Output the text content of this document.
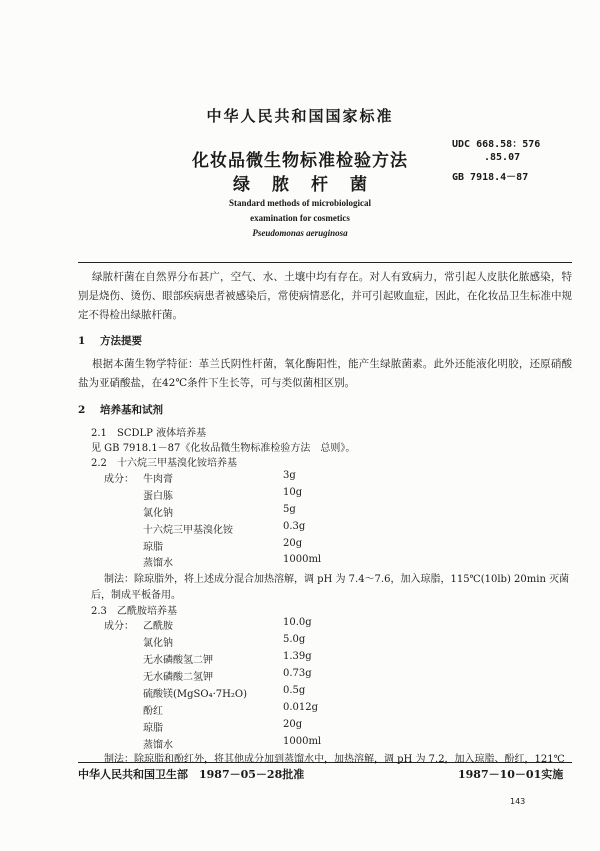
中华人民共和国国家标准
化妆品微生物标准检验方法
绿脓杆菌
UDC 668.58：576
.85.07
GB 7918.4－87
Standard methods of microbiological
examination for cosmetics
Pseudomonas aeruginosa
绿脓杆菌在自然界分布甚广，空气、水、土壤中均有存在。对人有致病力，常引起人皮肤化脓感染，特别是烧伤、烫伤、眼部疾病患者被感染后，常使病情恶化，并可引起败血症，因此，在化妆品卫生标准中规定不得检出绿脓杆菌。
1 方法提要
根据本菌生物学特征：革兰氏阴性杆菌，氧化酶阳性，能产生绿脓菌素。此外还能液化明胶，还原硝酸盐为亚硝酸盐，在42℃条件下生长等，可与类似菌相区别。
2 培养基和试剂
2.1 SCDLP 液体培养基
见 GB 7918.1－87《化妆品微生物标准检验方法　总则》。
2.2 十六烷三甲基溴化铵培养基
成分： 牛肉膏	3g
蛋白胨	10g
氯化钠	5g
十六烷三甲基溴化铵	0.3g
琼脂	20g
蒸馏水	1000ml
制法：除琼脂外，将上述成分混合加热溶解，调 pH 为 7.4～7.6，加入琼脂，115℃(10lb) 20min 灭菌
后，制成平板备用。
2.3 乙酰胺培养基
成分： 乙酰胺	10.0g
氯化钠	5.0g
无水磷酸氢二钾	1.39g
无水磷酸二氢钾	0.73g
硫酸镁(MgSO₄·7H₂O)	0.5g
酚红	0.012g
琼脂	20g
蒸馏水	1000ml
制法：除琼脂和酚红外，将其他成分加到蒸馏水中，加热溶解，调 pH 为 7.2，加入琼脂、酚红，121℃
中华人民共和国卫生部　1987－05－28批准	1987－10－01实施
143
